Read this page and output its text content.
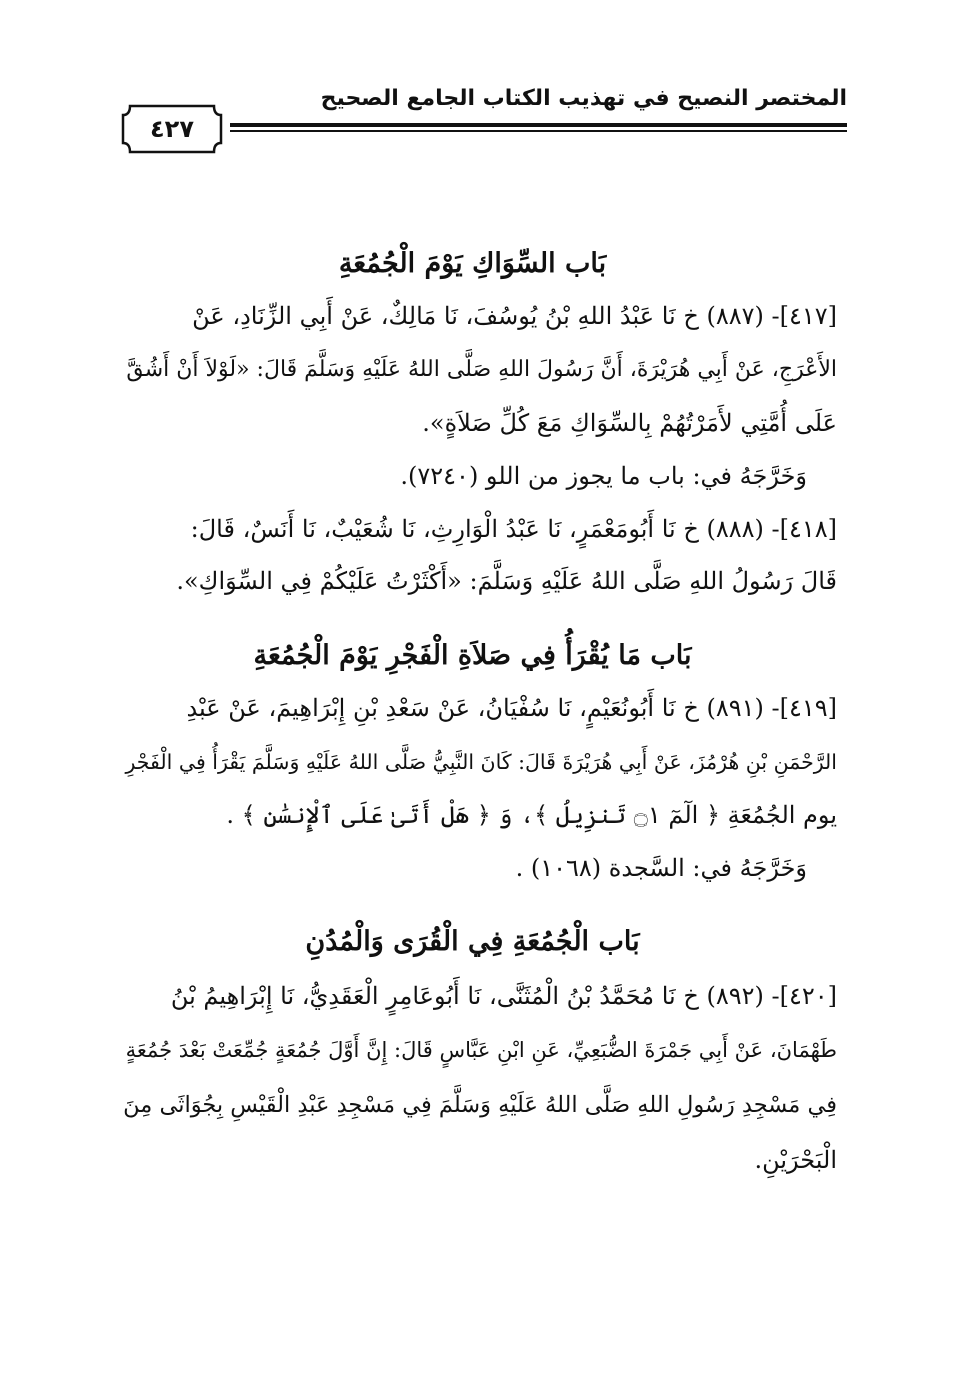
المختصر النصيح في تهذيب الكتاب الجامع الصحيح
٤٢٧
بَاب السِّوَاكِ يَوْمَ الْجُمُعَةِ
[٤١٧]- (٨٨٧) خ نَا عَبْدُ اللهِ بْنُ يُوسُفَ، نَا مَالِكٌ، عَنْ أَبِي الزِّنَادِ، عَنْ
الأَعْرَجِ، عَنْ أَبِي هُرَيْرَةَ، أَنَّ رَسُولَ اللهِ صَلَّى اللهُ عَلَيْهِ وَسَلَّمَ قَالَ: «لَوْلاَ أَنْ أَشُقَّ
عَلَى أُمَّتِي لأَمَرْتُهُمْ بِالسِّوَاكِ مَعَ كُلِّ صَلاَةٍ».
وَخَرَّجَهُ في: باب ما يجوز من اللو (٧٢٤٠).
[٤١٨]- (٨٨٨) خ نَا أَبُومَعْمَرٍ، نَا عَبْدُ الْوَارِثِ، نَا شُعَيْبٌ، نَا أَنَسٌ، قَالَ:
قَالَ رَسُولُ اللهِ صَلَّى اللهُ عَلَيْهِ وَسَلَّمَ: «أَكْثَرْتُ عَلَيْكُمْ فِي السِّوَاكِ».
بَاب مَا يُقْرَأُ فِي صَلاَةِ الْفَجْرِ يَوْمَ الْجُمُعَةِ
[٤١٩]- (٨٩١) خ نَا أَبُونُعَيْمٍ، نَا سُفْيَانُ، عَنْ سَعْدِ بْنِ إِبْرَاهِيمَ، عَنْ عَبْدِ
الرَّحْمَنِ بْنِ هُرْمُزَ، عَنْ أَبِي هُرَيْرَةَ قَالَ: كَانَ النَّبِيُّ صَلَّى اللهُ عَلَيْهِ وَسَلَّمَ يَقْرَأُ فِي الْفَجْرِ
يوم الجُمُعَةِ ﴿ الٓمٓ ۝١ تَنزِيلُ ﴾، وَ ﴿ هَلْ أَتَىٰ عَلَى ٱلْإِنسَٰنِ ﴾ .
وَخَرَّجَهُ في: السَّجدة (١٠٦٨) .
بَاب الْجُمُعَةِ فِي الْقُرَى وَالْمُدُنِ
[٤٢٠]- (٨٩٢) خ نَا مُحَمَّدُ بْنُ الْمُثَنَّى، نَا أَبُوعَامِرٍ الْعَقَدِيُّ، نَا إِبْرَاهِيمُ بْنُ
طَهْمَانَ، عَنْ أَبِي جَمْرَةَ الضُّبَعِيِّ، عَنِ ابْنِ عَبَّاسٍ قَالَ: إِنَّ أَوَّلَ جُمُعَةٍ جُمِّعَتْ بَعْدَ جُمُعَةٍ
فِي مَسْجِدِ رَسُولِ اللهِ صَلَّى اللهُ عَلَيْهِ وَسَلَّمَ فِي مَسْجِدِ عَبْدِ الْقَيْسِ بِجُوَاثَى مِنَ
الْبَحْرَيْنِ.
